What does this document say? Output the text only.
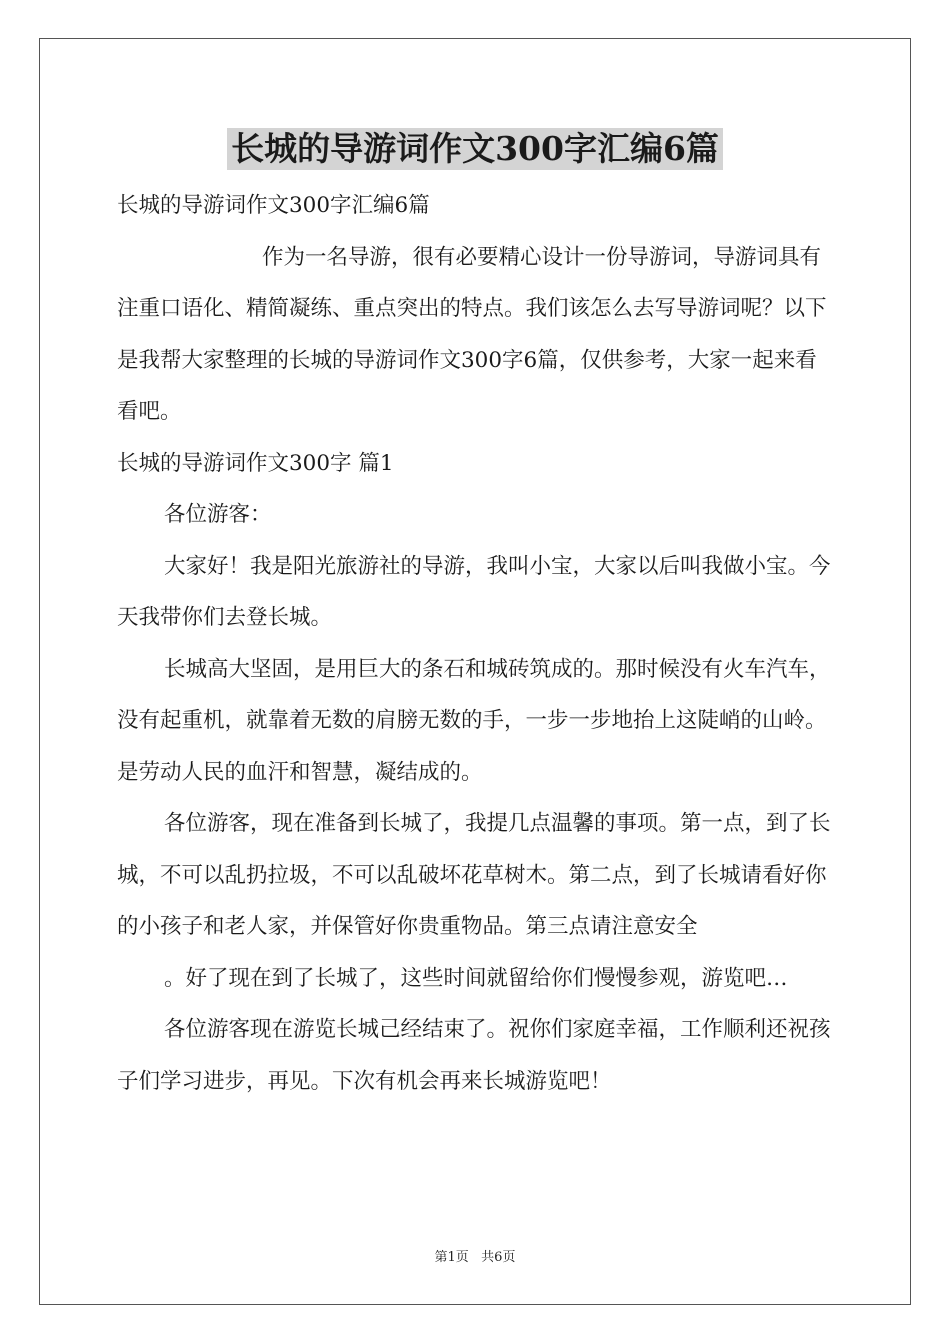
长城的导游词作文300字汇编6篇

长城的导游词作文300字汇编6篇

作为一名导游，很有必要精心设计一份导游词，导游词具有注重口语化、精简凝练、重点突出的特点。我们该怎么去写导游词呢？以下是我帮大家整理的长城的导游词作文300字6篇，仅供参考，大家一起来看看吧。

长城的导游词作文300字 篇1

各位游客：

大家好！我是阳光旅游社的导游，我叫小宝，大家以后叫我做小宝。今天我带你们去登长城。

长城高大坚固，是用巨大的条石和城砖筑成的。那时候没有火车汽车，没有起重机，就靠着无数的肩膀无数的手，一步一步地抬上这陡峭的山岭。是劳动人民的血汗和智慧，凝结成的。

各位游客，现在准备到长城了，我提几点温馨的事项。第一点，到了长城，不可以乱扔拉圾，不可以乱破坏花草树木。第二点，到了长城请看好你的小孩子和老人家，并保管好你贵重物品。第三点请注意安全

。好了现在到了长城了，这些时间就留给你们慢慢参观，游览吧…

各位游客现在游览长城己经结束了。祝你们家庭幸福，工作顺利还祝孩子们学习进步，再见。下次有机会再来长城游览吧！

第1页   共6页
